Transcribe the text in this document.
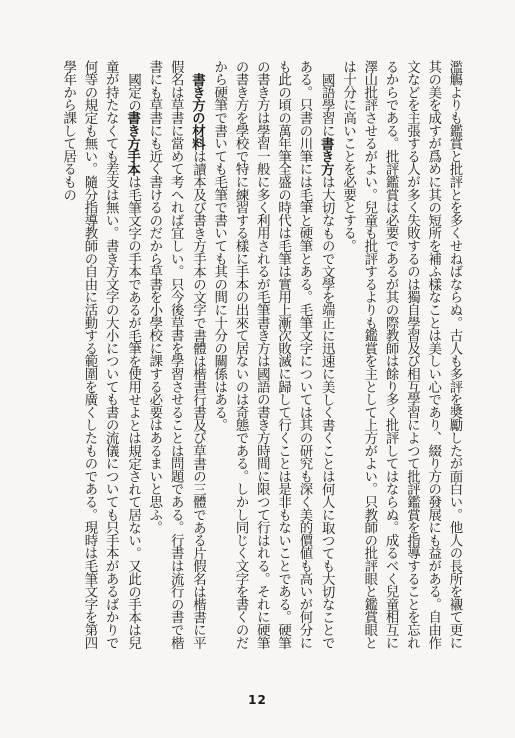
濫觴よりも鑑賞と批評とを多くせねばならぬ。古人も多評を奬勵したが面白い。他人の長所を襯て更に其の美を成すが爲めに其の短所を補ふ樣なことは美しい心であり、綴り方の發展にも益がある。自由作文などを主張する人が多く失敗するのは獨自學習及び相互學習によつて批評鑑賞を指導することを忘れるからである。批評鑑賞は必要であるが其の際教師は餘り多く批評してはならぬ。成るべく兒童相互に澤山批評させるがよい。兒童も批評するよりも鑑賞を主として上方がよい。只教師の批評眼と鑑賞眼とは十分に高いことを必要とする。

國語學習に書き方は大切なもので文學を端正に迅速に美しく書くことは何人に取つても大切なことである。只書の川筆には毛筆と硬筆とある。毛筆文字については其の研究も深く美的價値も高いが何分にも此の頃の萬年筆全盛の時代は毛筆は實用上漸次敗滅に歸して行くことは是非もないことである。硬筆の書き方は學習一般に多く利用されるが毛筆書き方は國語の書き方時間に限つて行はれる。それに硬筆の書き方を學校で特に練習する樣に手本の出來て居ないのは奇態である。しかし同じく文字を書くのだから硬筆で書いても毛筆で書いても其の間に十分の關係はある。

書き方の材料は讀本及び書き方手本の文字で書體は楷書行書及び草書の三體である片假名は楷書に平假名は草書に當めて考へれば宜しい。只今後草書を學習させることは問題である。行書は流行の書で楷書にも草書にも近く書けるのだから草書を小學校に課する必要はあるまいと思ふ。

國定の書き方手本は毛筆文字の手本であるが毛筆を使用せよとは規定されて居ない。又此の手本は兒童が持たなくても差支は無い。書き方文字の大小についても書の流儀についても只手本があるばかりで何等の規定も無い。隨分指導教師の自由に活動する範圍を廣くしたものである。現時は毛筆文字を第四學年から課して居るもの

12
